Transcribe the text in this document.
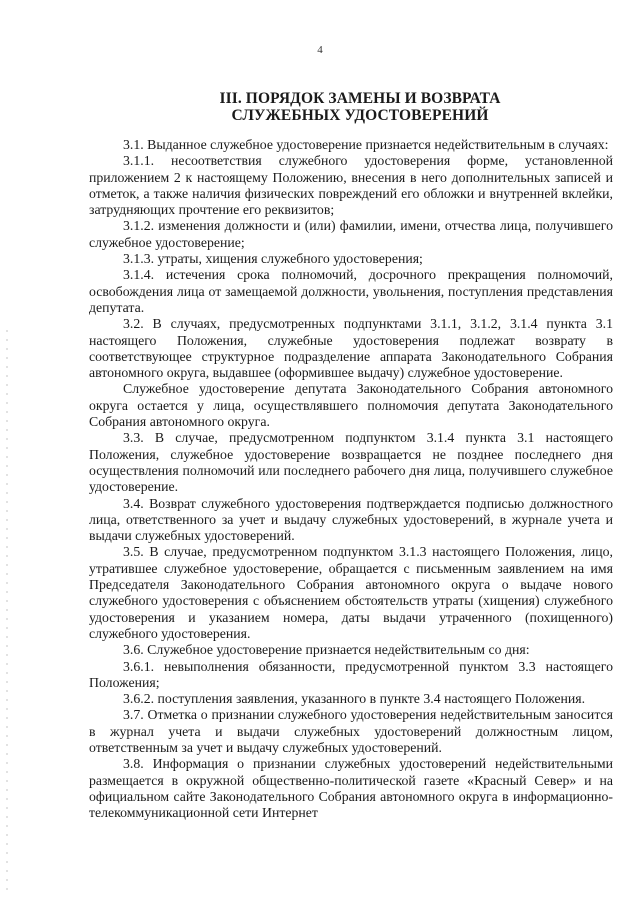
4
III. ПОРЯДОК ЗАМЕНЫ И ВОЗВРАТА
СЛУЖЕБНЫХ УДОСТОВЕРЕНИЙ

3.1. Выданное служебное удостоверение признается недействительным в случаях:

3.1.1. несоответствия служебного удостоверения форме, установленной приложением 2 к настоящему Положению, внесения в него дополнительных записей и отметок, а также наличия физических повреждений его обложки и внутренней вклейки, затрудняющих прочтение его реквизитов;

3.1.2. изменения должности и (или) фамилии, имени, отчества лица, получившего служебное удостоверение;

3.1.3. утраты, хищения служебного удостоверения;

3.1.4. истечения срока полномочий, досрочного прекращения полномочий, освобождения лица от замещаемой должности, увольнения, поступления представления депутата.

3.2. В случаях, предусмотренных подпунктами 3.1.1, 3.1.2, 3.1.4 пункта 3.1 настоящего Положения, служебные удостоверения подлежат возврату в соответствующее структурное подразделение аппарата Законодательного Собрания автономного округа, выдавшее (оформившее выдачу) служебное удостоверение.

Служебное удостоверение депутата Законодательного Собрания автономного округа остается у лица, осуществлявшего полномочия депутата Законодательного Собрания автономного округа.

3.3. В случае, предусмотренном подпунктом 3.1.4 пункта 3.1 настоящего Положения, служебное удостоверение возвращается не позднее последнего дня осуществления полномочий или последнего рабочего дня лица, получившего служебное удостоверение.

3.4. Возврат служебного удостоверения подтверждается подписью должностного лица, ответственного за учет и выдачу служебных удостоверений, в журнале учета и выдачи служебных удостоверений.

3.5. В случае, предусмотренном подпунктом 3.1.3 настоящего Положения, лицо, утратившее служебное удостоверение, обращается с письменным заявлением на имя Председателя Законодательного Собрания автономного округа о выдаче нового служебного удостоверения с объяснением обстоятельств утраты (хищения) служебного удостоверения и указанием номера, даты выдачи утраченного (похищенного) служебного удостоверения.

3.6. Служебное удостоверение признается недействительным со дня:

3.6.1. невыполнения обязанности, предусмотренной пунктом 3.3 настоящего Положения;

3.6.2. поступления заявления, указанного в пункте 3.4 настоящего Положения.

3.7. Отметка о признании служебного удостоверения недействительным заносится в журнал учета и выдачи служебных удостоверений должностным лицом, ответственным за учет и выдачу служебных удостоверений.

3.8. Информация о признании служебных удостоверений недействительными размещается в окружной общественно-политической газете «Красный Север» и на официальном сайте Законодательного Собрания автономного округа в информационно-телекоммуникационной сети Интернет
